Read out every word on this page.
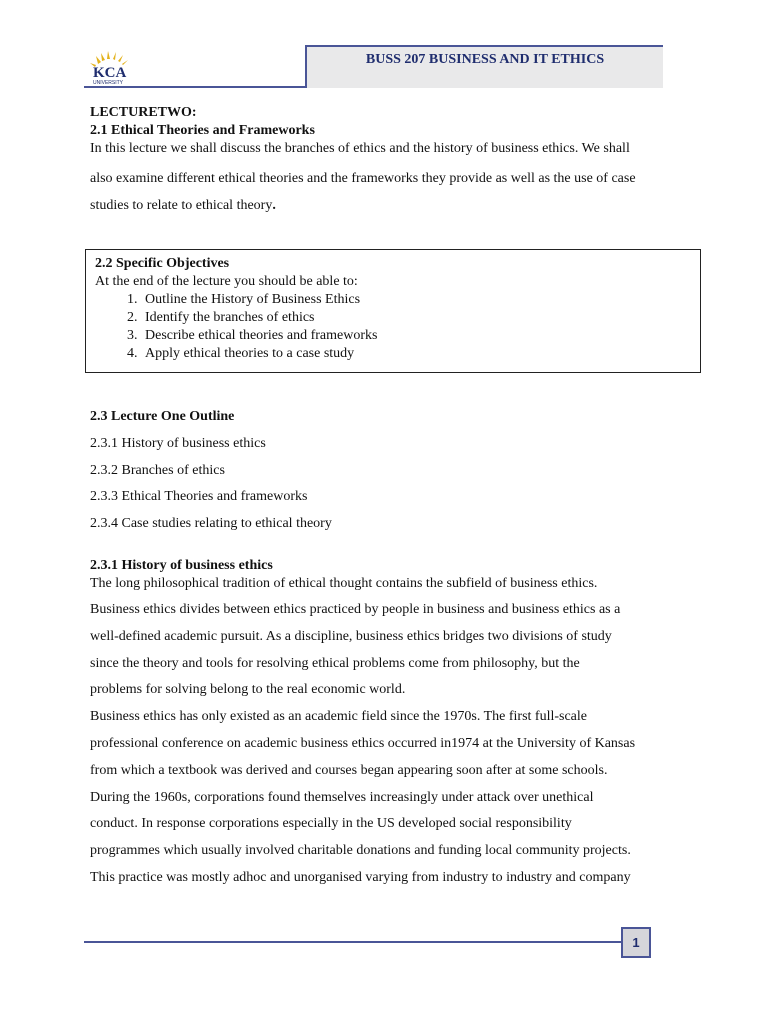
KCA
UNIVERSITY
BUSS 207 BUSINESS AND IT ETHICS
LECTURETWO:
2.1 Ethical Theories and Frameworks
In this lecture we shall discuss the branches of ethics and the history of business ethics. We shall
also examine different ethical theories and the frameworks they provide as well as the use of case
studies to relate to ethical theory.
2.2 Specific Objectives
At the end of the lecture you should be able to:
1. Outline the History of Business Ethics
2. Identify the branches of ethics
3. Describe ethical theories and frameworks
4. Apply ethical theories to a case study
2.3 Lecture One Outline
2.3.1 History of business ethics
2.3.2 Branches of ethics
2.3.3 Ethical Theories and frameworks
2.3.4 Case studies relating to ethical theory
2.3.1 History of business ethics
The long philosophical tradition of ethical thought contains the subfield of business ethics.
Business ethics divides between ethics practiced by people in business and business ethics as a
well-defined academic pursuit. As a discipline, business ethics bridges two divisions of study
since the theory and tools for resolving ethical problems come from philosophy, but the
problems for solving belong to the real economic world.
Business ethics has only existed as an academic field since the 1970s. The first full-scale
professional conference on academic business ethics occurred in1974 at the University of Kansas
from which a textbook was derived and courses began appearing soon after at some schools.
During the 1960s, corporations found themselves increasingly under attack over unethical
conduct. In response corporations especially in the US developed social responsibility
programmes which usually involved charitable donations and funding local community projects.
This practice was mostly adhoc and unorganised varying from industry to industry and company
1
